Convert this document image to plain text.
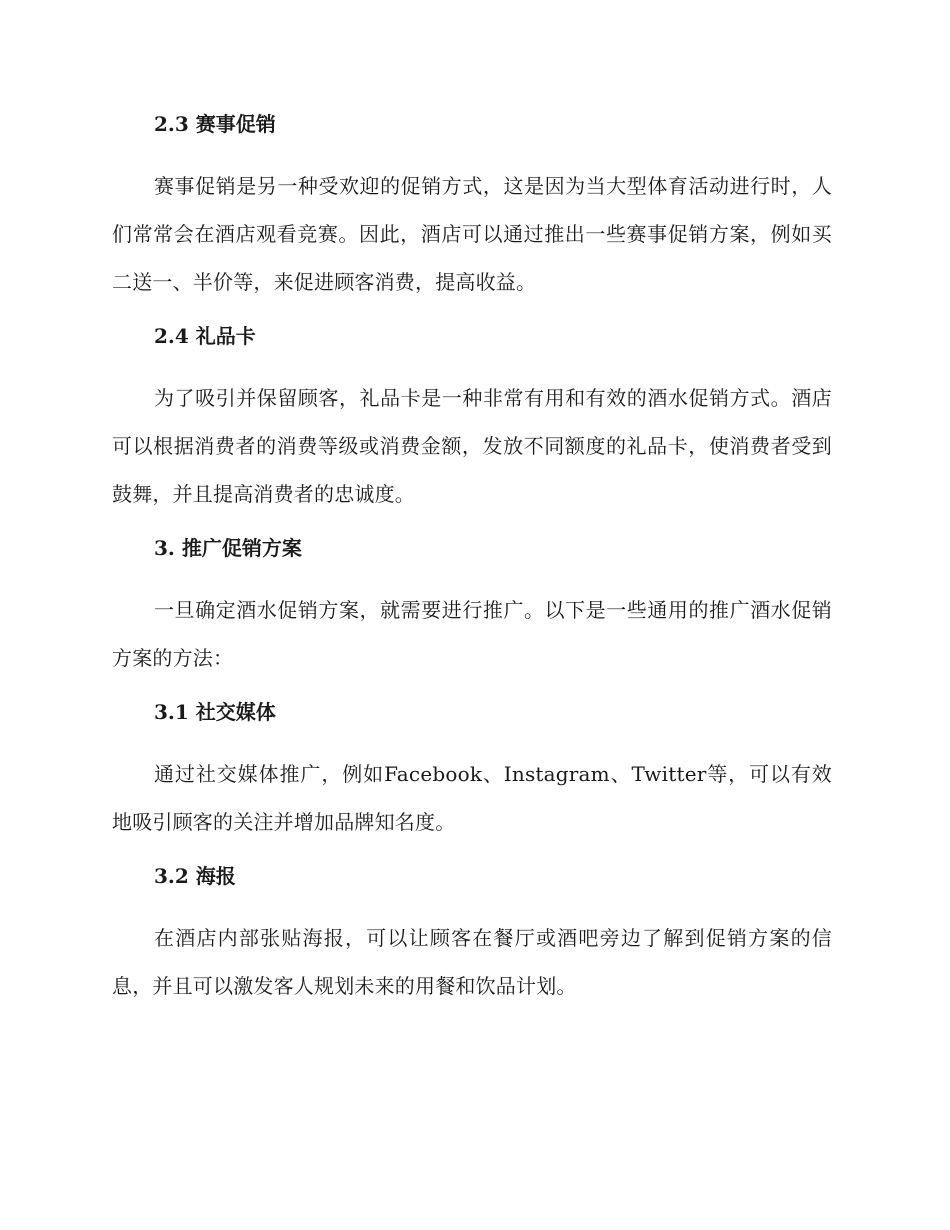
2.3 赛事促销

赛事促销是另一种受欢迎的促销方式，这是因为当大型体育活动进行时，人们常常会在酒店观看竞赛。因此，酒店可以通过推出一些赛事促销方案，例如买二送一、半价等，来促进顾客消费，提高收益。

2.4 礼品卡

为了吸引并保留顾客，礼品卡是一种非常有用和有效的酒水促销方式。酒店可以根据消费者的消费等级或消费金额，发放不同额度的礼品卡，使消费者受到鼓舞，并且提高消费者的忠诚度。

3. 推广促销方案

一旦确定酒水促销方案，就需要进行推广。以下是一些通用的推广酒水促销方案的方法：

3.1 社交媒体

通过社交媒体推广，例如Facebook、Instagram、Twitter等，可以有效地吸引顾客的关注并增加品牌知名度。

3.2 海报

在酒店内部张贴海报，可以让顾客在餐厅或酒吧旁边了解到促销方案的信息，并且可以激发客人规划未来的用餐和饮品计划。
